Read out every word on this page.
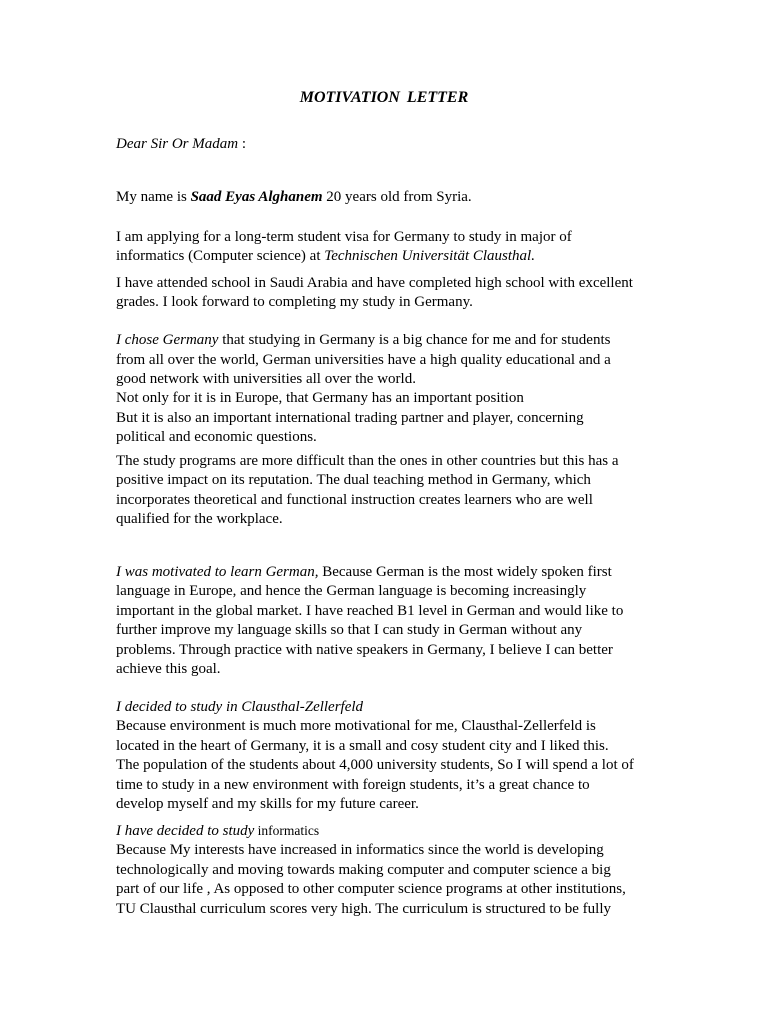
MOTIVATION LETTER

Dear Sir Or Madam :

My name is Saad Eyas Alghanem 20 years old from Syria.

I am applying for a long-term student visa for Germany to study in major of

informatics (Computer science) at Technischen Universität Clausthal.

I have attended school in Saudi Arabia and have completed high school with excellent

grades. I look forward to completing my study in Germany.

I chose Germany that studying in Germany is a big chance for me and for students

from all over the world, German universities have a high quality educational and a

good network with universities all over the world.

Not only for it is in Europe, that Germany has an important position

But it is also an important international trading partner and player, concerning

political and economic questions.

The study programs are more difficult than the ones in other countries but this has a

positive impact on its reputation. The dual teaching method in Germany, which

incorporates theoretical and functional instruction creates learners who are well

qualified for the workplace.

I was motivated to learn German, Because German is the most widely spoken first

language in Europe, and hence the German language is becoming increasingly

important in the global market. I have reached B1 level in German and would like to

further improve my language skills so that I can study in German without any

problems. Through practice with native speakers in Germany, I believe I can better

achieve this goal.

I decided to study in Clausthal-Zellerfeld

Because environment is much more motivational for me, Clausthal-Zellerfeld is

located in the heart of Germany, it is a small and cosy student city and I liked this.

The population of the students about 4,000 university students, So I will spend a lot of

time to study in a new environment with foreign students, it’s a great chance to

develop myself and my skills for my future career.

I have decided to study informatics

Because My interests have increased in informatics since the world is developing

technologically and moving towards making computer and computer science a big

part of our life , As opposed to other computer science programs at other institutions,

TU Clausthal curriculum scores very high. The curriculum is structured to be fully
